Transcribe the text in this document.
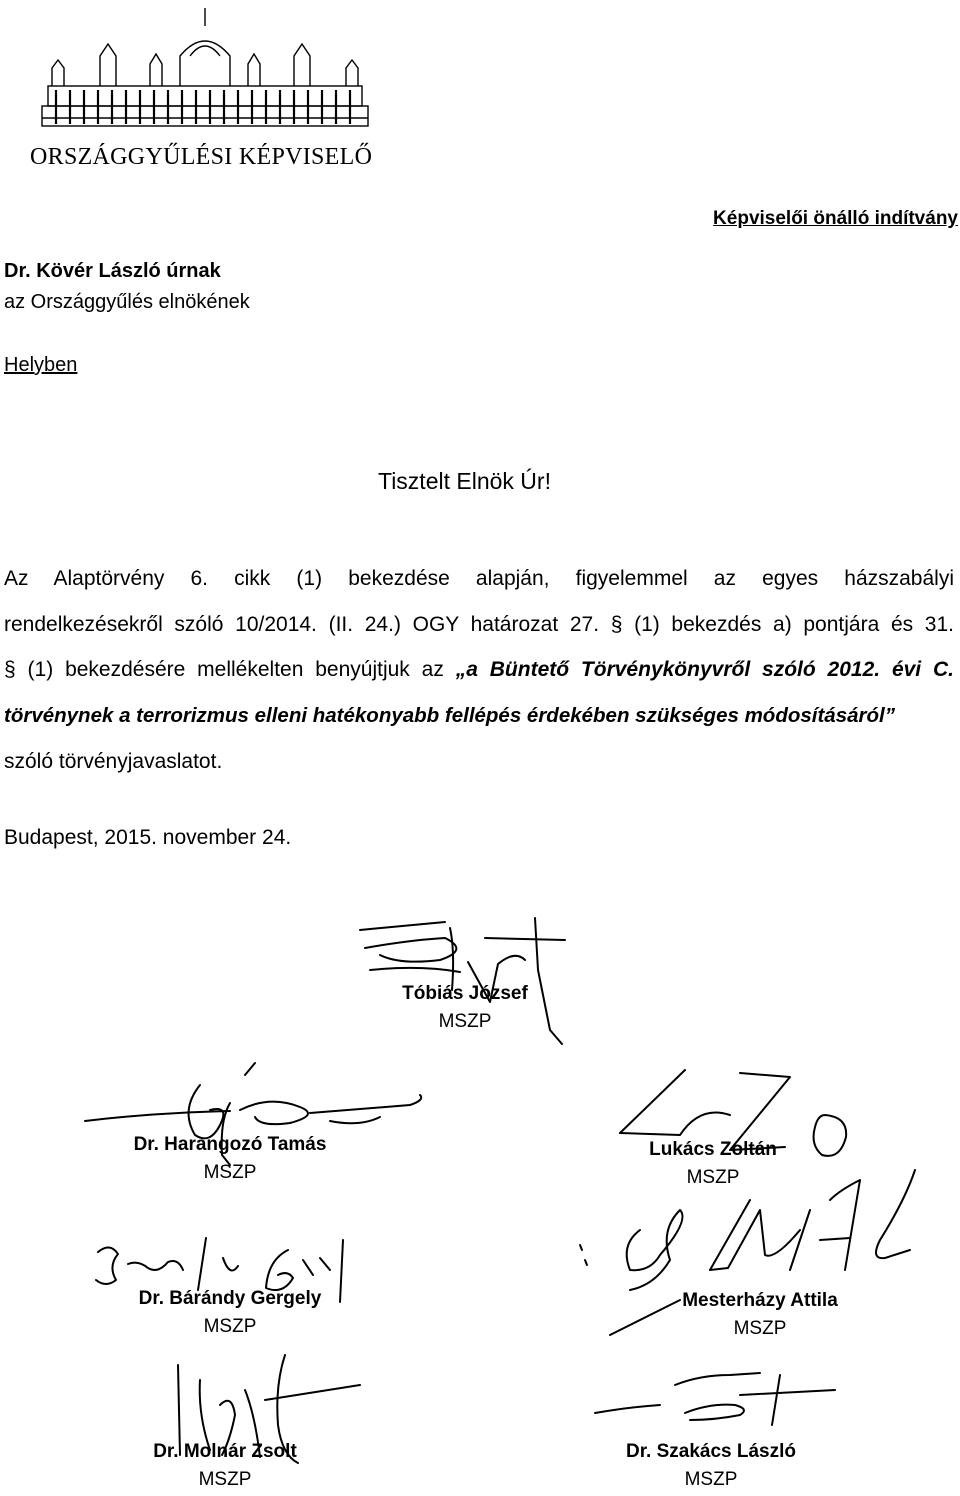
ORSZÁGGYŰLÉSI KÉPVISELŐ
Képviselői önálló indítvány
Dr. Kövér László úrnak
az Országgyűlés elnökének
Helyben
Tisztelt Elnök Úr!
Az Alaptörvény 6. cikk (1) bekezdése alapján, figyelemmel az egyes házszabályi
rendelkezésekről szóló 10/2014. (II. 24.) OGY határozat 27. § (1) bekezdés a) pontjára és 31.
§ (1) bekezdésére mellékelten benyújtjuk az „a Büntető Törvénykönyvről szóló 2012. évi C.
törvénynek a terrorizmus elleni hatékonyabb fellépés érdekében szükséges módosításáról”
szóló törvényjavaslatot.
Budapest, 2015. november 24.
Tóbiás József
MSZP
Dr. Harangozó Tamás
MSZP
Lukács Zoltán
MSZP
Dr. Bárándy Gergely
MSZP
Mesterházy Attila
MSZP
Dr. Molnár Zsolt
MSZP
Dr. Szakács László
MSZP
